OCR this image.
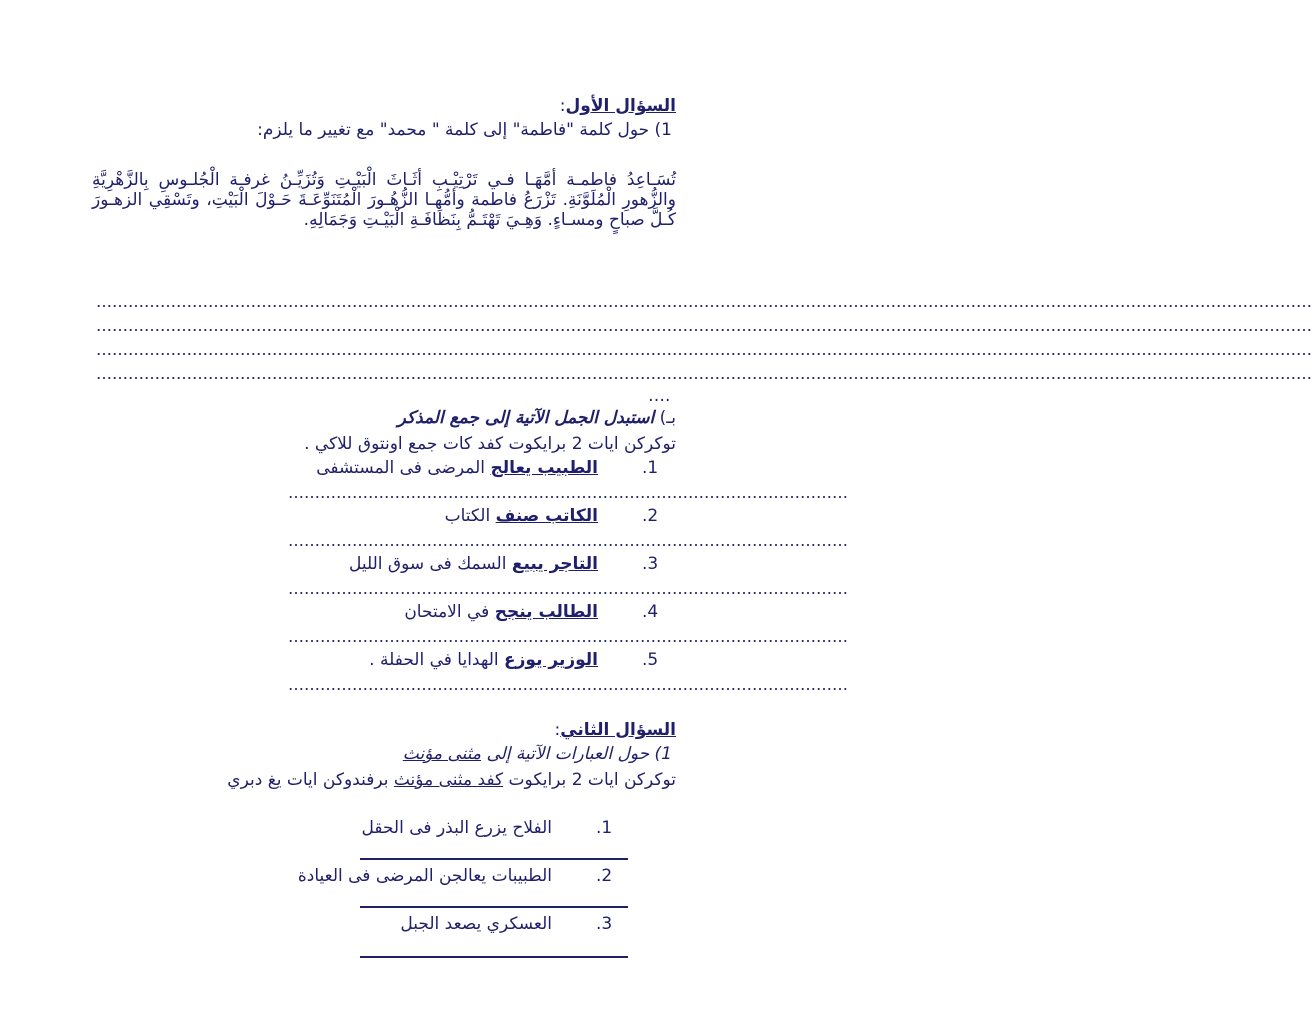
السؤال الأول:
1) حول كلمة "فاطمة" إلى كلمة " محمد" مع تغيير ما يلزم:
تُسَـاعِدُ فاطمـة أمَّهَـا فـي تَرْتِيْـبِ أثَـاثَ الْبَيْـتِ وَتُزَيِّـنُ غرفـة الْجُلـوسِ بِالزَّهْرِيَّةِ والزُّهورِ الْمُلَوَّنَةِ. تَزْرَعُ فاطمة وأمُّهـا الزُّهُـورَ الْمُتَنَوِّعَـةَ حَـوْلَ الْبَيْتِ، وتَسْقِي الزهـورَ كُـلَّ صباحٍ ومسـاءٍ. وَهِـيَ تَهْتَـمُّ بِنَظَافَـةِ الْبَيْـتِ وَجَمَالِهِ.
…………………………………………………………………………………………………………………………………………………………………………………………………………
…………………………………………………………………………………………………………………………………………………………………………………………………………
…………………………………………………………………………………………………………………………………………………………………………………………………………
…………………………………………………………………………………………………………………………………………………………………………………………………………
….
بـ) استبدل الجمل الآتية إلى جمع المذكر
توكركن ايات 2 برايكوت كفد كات جمع اونتوق للاكي .
1.الطبيب يعالج المرضى فى المستشفى
……………………………………………………………………………………………
2.الكاتب صنف الكتاب
……………………………………………………………………………………………
3.التاجر يبيع السمك فى سوق الليل
……………………………………………………………………………………………
4.الطالب ينجح في الامتحان
……………………………………………………………………………………………
5.الوزير يوزع الهدايا في الحفلة .
……………………………………………………………………………………………
السؤال الثاني:
1) حول العبارات الآتية إلى مثنى مؤنث
توكركن ايات 2 برايكوت كفد مثنى مؤنث برفندوكن ايات يغ دبري
1.الفلاح يزرع البذر فى الحقل
2.الطبيبات يعالجن المرضى فى العيادة
3.العسكري يصعد الجبل
